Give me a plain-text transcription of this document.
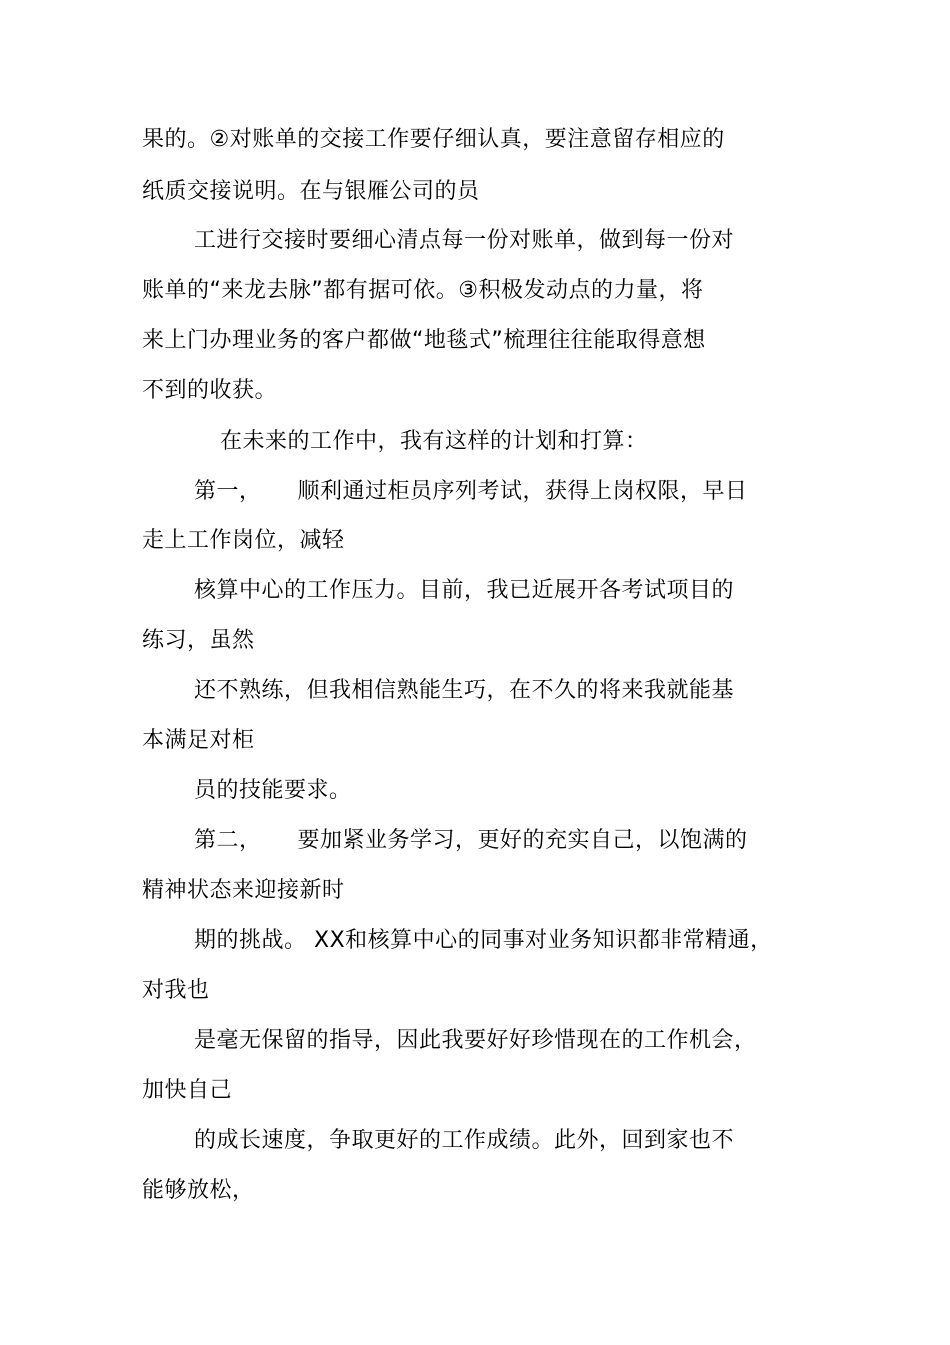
果的。②对账单的交接工作要仔细认真，要注意留存相应的

纸质交接说明。在与银雁公司的员

工进行交接时要细心清点每一份对账单，做到每一份对

账单的“来龙去脉”都有据可依。③积极发动点的力量，将

来上门办理业务的客户都做“地毯式”梳理往往能取得意想

不到的收获。

在未来的工作中，我有这样的计划和打算：

第一， 顺利通过柜员序列考试，获得上岗权限，早日

走上工作岗位，减轻

核算中心的工作压力。目前，我已近展开各考试项目的

练习，虽然

还不熟练，但我相信熟能生巧，在不久的将来我就能基

本满足对柜

员的技能要求。

第二， 要加紧业务学习，更好的充实自己，以饱满的

精神状态来迎接新时

期的挑战。 XX和核算中心的同事对业务知识都非常精通，

对我也

是毫无保留的指导，因此我要好好珍惜现在的工作机会，

加快自己

的成长速度，争取更好的工作成绩。此外，回到家也不

能够放松，
